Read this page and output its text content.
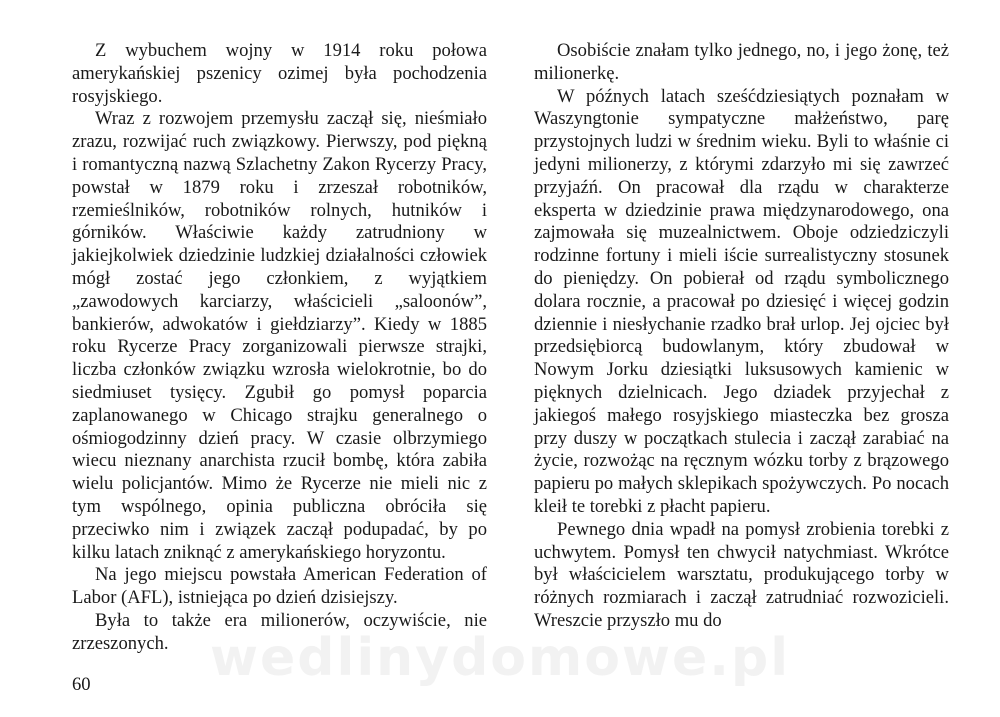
Z wybuchem wojny w 1914 roku połowa amerykańskiej pszenicy ozimej była pochodzenia rosyjskiego.

Wraz z rozwojem przemysłu zaczął się, nieśmiało zrazu, rozwijać ruch związkowy. Pierwszy, pod piękną i romantyczną nazwą Szlachetny Zakon Rycerzy Pracy, powstał w 1879 roku i zrzeszał robotników, rzemieślników, robotników rolnych, hutników i górników. Właściwie każdy zatrudniony w jakiejkolwiek dziedzinie ludzkiej działalności człowiek mógł zostać jego członkiem, z wyjątkiem „zawodowych karciarzy, właścicieli „saloonów”, bankierów, adwokatów i giełdziarzy”. Kiedy w 1885 roku Rycerze Pracy zorganizowali pierwsze strajki, liczba członków związku wzrosła wielokrotnie, bo do siedmiuset tysięcy. Zgubił go pomysł poparcia zaplanowanego w Chicago strajku generalnego o ośmiogodzinny dzień pracy. W czasie olbrzymiego wiecu nieznany anarchista rzucił bombę, która zabiła wielu policjantów. Mimo że Rycerze nie mieli nic z tym wspólnego, opinia publiczna obróciła się przeciwko nim i związek zaczął podupadać, by po kilku latach zniknąć z amerykańskiego horyzontu.

Na jego miejscu powstała American Federation of Labor (AFL), istniejąca po dzień dzisiejszy.

Była to także era milionerów, oczywiście, nie zrzeszonych.

Osobiście znałam tylko jednego, no, i jego żonę, też milionerkę.

W późnych latach sześćdziesiątych poznałam w Waszyngtonie sympatyczne małżeństwo, parę przystojnych ludzi w średnim wieku. Byli to właśnie ci jedyni milionerzy, z którymi zdarzyło mi się zawrzeć przyjaźń. On pracował dla rządu w charakterze eksperta w dziedzinie prawa międzynarodowego, ona zajmowała się muzealnictwem. Oboje odziedziczyli rodzinne fortuny i mieli iście surrealistyczny stosunek do pieniędzy. On pobierał od rządu symbolicznego dolara rocznie, a pracował po dziesięć i więcej godzin dziennie i niesłychanie rzadko brał urlop. Jej ojciec był przedsiębiorcą budowlanym, który zbudował w Nowym Jorku dziesiątki luksusowych kamienic w pięknych dzielnicach. Jego dziadek przyjechał z jakiegoś małego rosyjskiego miasteczka bez grosza przy duszy w początkach stulecia i zaczął zarabiać na życie, rozwożąc na ręcznym wózku torby z brązowego papieru po małych sklepikach spożywczych. Po nocach kleił te torebki z płacht papieru.

Pewnego dnia wpadł na pomysł zrobienia torebki z uchwytem. Pomysł ten chwycił natychmiast. Wkrótce był właścicielem warsztatu, produkującego torby w różnych rozmiarach i zaczął zatrudniać rozwozicieli. Wreszcie przyszło mu do

wedlinydomowe.pl
60
